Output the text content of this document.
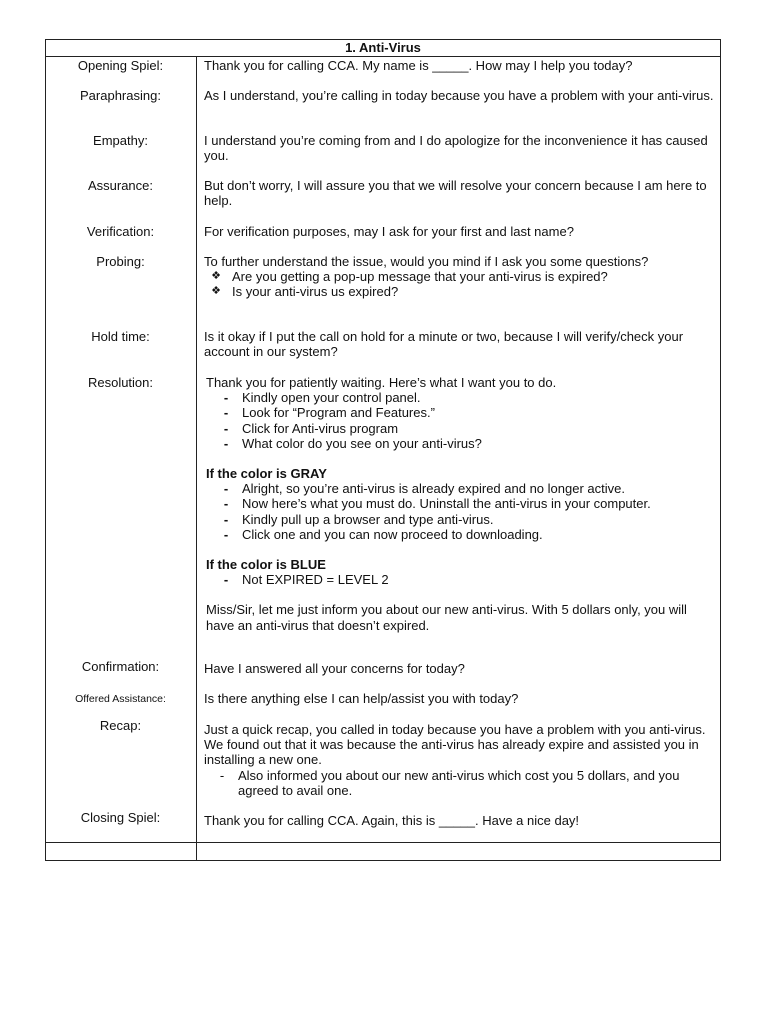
1. Anti-Virus
Opening Spiel:	Thank you for calling CCA. My name is _____. How may I help you today?

Paraphrasing:	As I understand, you’re calling in today because you have a problem with your anti-virus.

Empathy:	I understand you’re coming from and I do apologize for the inconvenience it has caused you.

Assurance:	But don’t worry, I will assure you that we will resolve your concern because I am here to help.

Verification:	For verification purposes, may I ask for your first and last name?

Probing:	To further understand the issue, would you mind if I ask you some questions?

❖ Are you getting a pop-up message that your anti-virus is expired?
❖ Is your anti-virus us expired?
Hold time:	Is it okay if I put the call on hold for a minute or two, because I will verify/check your account in our system?

Resolution:	Thank you for patiently waiting. Here’s what I want you to do.

- Kindly open your control panel.
- Look for “Program and Features.”
- Click for Anti-virus program
- What color do you see on your anti-virus?

If the color is GRAY

- Alright, so you’re anti-virus is already expired and no longer active.
- Now here’s what you must do. Uninstall the anti-virus in your computer.
- Kindly pull up a browser and type anti-virus.
- Click one and you can now proceed to downloading.

If the color is BLUE

- Not EXPIRED = LEVEL 2

Miss/Sir, let me just inform you about our new anti-virus. With 5 dollars only, you will have an anti-virus that doesn’t expired.

Confirmation:	Have I answered all your concerns for today?

Offered Assistance:	Is there anything else I can help/assist you with today?

Recap:	Just a quick recap, you called in today because you have a problem with you anti-virus. We found out that it was because the anti-virus has already expire and assisted you in installing a new one.

- Also informed you about our new anti-virus which cost you 5 dollars, and you agreed to avail one.
Closing Spiel:	Thank you for calling CCA. Again, this is _____. Have a nice day!
